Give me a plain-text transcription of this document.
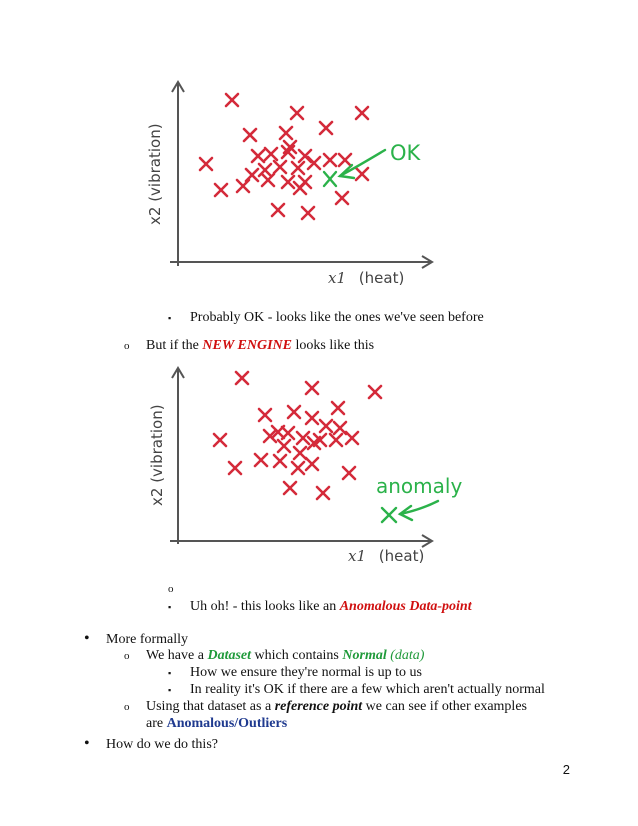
x2 (vibration)
x1 (heat)
OK
▪ Probably OK - looks like the ones we've seen before
o But if the NEW ENGINE looks like this
x2 (vibration)
x1 (heat)
anomaly
o
▪ Uh oh! - this looks like an Anomalous Data-point
• More formally
o We have a Dataset which contains Normal (data)
▪ How we ensure they're normal is up to us
▪ In reality it's OK if there are a few which aren't actually normal
o Using that dataset as a reference point we can see if other examples
are Anomalous/Outliers
• How do we do this?
2
